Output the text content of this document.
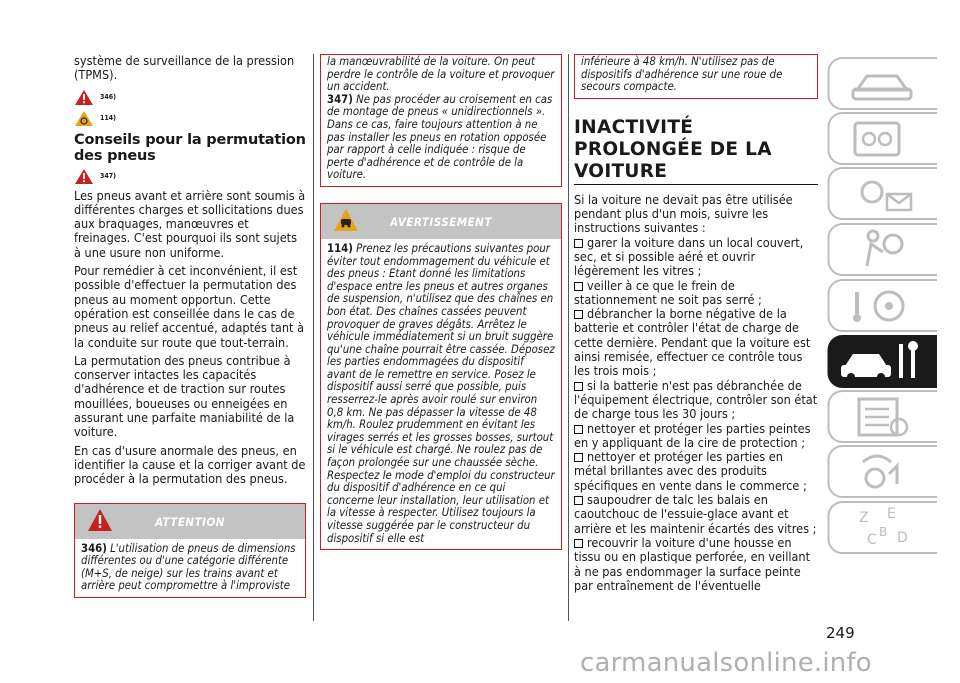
système de surveillance de la pression (TPMS).

346)
114)
Conseils pour la permutation des pneus
347)

Les pneus avant et arrière sont soumis à différentes charges et sollicitations dues aux braquages, manœuvres et freinages. C'est pourquoi ils sont sujets à une usure non uniforme.

Pour remédier à cet inconvénient, il est possible d'effectuer la permutation des pneus au moment opportun. Cette opération est conseillée dans le cas de pneus au relief accentué, adaptés tant à la conduite sur route que tout-terrain.

La permutation des pneus contribue à conserver intactes les capacités d'adhérence et de traction sur routes mouillées, boueuses ou enneigées en assurant une parfaite maniabilité de la voiture.

En cas d'usure anormale des pneus, en identifier la cause et la corriger avant de procéder à la permutation des pneus.

ATTENTION

346) L'utilisation de pneus de dimensions différentes ou d'une catégorie différente (M+S, de neige) sur les trains avant et arrière peut compromettre à l'improviste

la manœuvrabilité de la voiture. On peut perdre le contrôle de la voiture et provoquer un accident.

347) Ne pas procéder au croisement en cas de montage de pneus « unidirectionnels ». Dans ce cas, faire toujours attention à ne pas installer les pneus en rotation opposée par rapport à celle indiquée : risque de perte d'adhérence et de contrôle de la voiture.

AVERTISSEMENT

114) Prenez les précautions suivantes pour éviter tout endommagement du véhicule et des pneus : Etant donné les limitations d'espace entre les pneus et autres organes de suspension, n'utilisez que des chaînes en bon état. Des chaînes cassées peuvent provoquer de graves dégâts. Arrêtez le véhicule immédiatement si un bruit suggère qu'une chaîne pourrait être cassée. Déposez les parties endommagées du dispositif avant de le remettre en service. Posez le dispositif aussi serré que possible, puis resserrez-le après avoir roulé sur environ 0,8 km. Ne pas dépasser la vitesse de 48 km/h. Roulez prudemment en évitant les virages serrés et les grosses bosses, surtout si le véhicule est chargé. Ne roulez pas de façon prolongée sur une chaussée sèche. Respectez le mode d'emploi du constructeur du dispositif d'adhérence en ce qui concerne leur installation, leur utilisation et la vitesse à respecter. Utilisez toujours la vitesse suggérée par le constructeur du dispositif si elle est

inférieure à 48 km/h. N'utilisez pas de dispositifs d'adhérence sur une roue de secours compacte.

INACTIVITÉ PROLONGÉE DE LA VOITURE

Si la voiture ne devait pas être utilisée pendant plus d'un mois, suivre les instructions suivantes :

garer la voiture dans un local couvert, sec, et si possible aéré et ouvrir légèrement les vitres ;

veiller à ce que le frein de stationnement ne soit pas serré ;

débrancher la borne négative de la batterie et contrôler l'état de charge de cette dernière. Pendant que la voiture est ainsi remisée, effectuer ce contrôle tous les trois mois ;

si la batterie n'est pas débranchée de l'équipement électrique, contrôler son état de charge tous les 30 jours ;

nettoyer et protéger les parties peintes en y appliquant de la cire de protection ;

nettoyer et protéger les parties en métal brillantes avec des produits spécifiques en vente dans le commerce ;

saupoudrer de talc les balais en caoutchouc de l'essuie-glace avant et arrière et les maintenir écartés des vitres ;

recouvrir la voiture d'une housse en tissu ou en plastique perforée, en veillant à ne pas endommager la surface peinte par entraînement de l'éventuelle

Z E
C D
B
249
carmanualsonline.info
